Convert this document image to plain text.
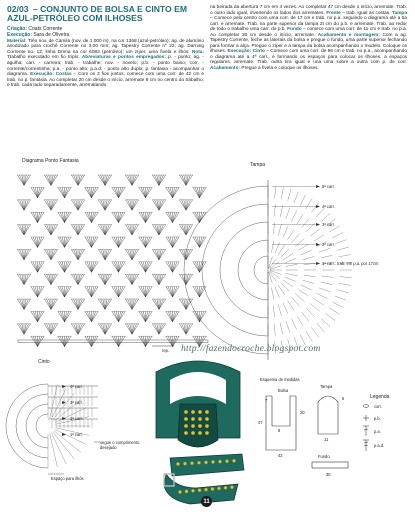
02/03 – CONJUNTO DE BOLSA E CINTO EM AZUL-PETRÓLEO COM ILHOSES
Criação: Coats Corrente
Execução: Sara de Oliveira

Material: Três nov. de Camila (nov. de 1.000 m), na cor 1368 (azul-petróleo); ag. de alumínio anodizado para crochê Corrente no 3,00 mm; ag. Tapestry Corrente nº 22; ag. Darning Corrente no. 12; linha Drima na cor 6083 (petróleo); um zíper, uma fivela e ilhós; Nota: Trabalho executado em fio triplo. Abreviaturas e pontos empregados: p. - ponto; ag. - agulha; carr. - carreira; trab. - trabalhe; nov. - novelo; p.b. - ponto baixo; corr. - corrente/correntinha; p.a. - ponto alto; p.a.d. - ponto alto duplo; p. fantasia - acompanhar o diagrama. Execução: Costas – Com os 3 fios juntos, comece com uma corr. de 42 cm e trab. no p. fantasia. Ao completar 20 cm desde o início, arremate 8 cm no centro do trabalho, e trab. cada lado separadamente, arrematando

na beirada da abertura 7 cm em 4 vezes. Ao completar 47 cm desde o início, arremate. Trab. o outro lado igual, invertendo os lados dos arremates. Frente – trab. igual as costas. Tampa – Comece pelo centro com uma corr. de 17 cm e trab. no p.a. seguindo o diagrama até a 5a carr. e arremate. Trab. na parte superior da tampa 2t cm do p.b. e arremate. Trab. ao redor de todo o trabalho uma carr. do p.b. Fundo – comece com uma corr. de 11 cm e trab. no p.a. Ao completar 30 cm desde o início, arremate. Acabamento e montagem: Com a ag. Tapestry Corrente, feche as laterais da bolsa e pregue o fundo, uma parte superior fechando para formar a alça. Pregue o zíper e a tampa da bolsa acompanhando o modelo. Coloque os ilhoses. Execução: Cinto – Comece com uma corr. de 98 cm e trab. no p.a., acompanhando o diagrama até a 4ª carr., e formando os espaços para colocar os ilhoses, a espaços regulares, arremate. Trab. outra tira igual e una uma sobre a outra com p. de corr. Acabamento: Pregue a fivela e coloque os ilhoses.

Diagrama Ponto Fantasia
rep.
Tampa
5ª carr.
4ª carr.
3ª carr.
2ª carr.
1ª carr.: trab. em p.a. por 17cm
http://fazendocroche.blogspot.com
Cinto
4ª carr.
3ª carr.
2ª carr.
1ª carr.
segue o comprimento
desejado
Espaço para ilhós
Esquema de medidas
Bolsa
Tampa
8
20
47
7
42
6
11
Fundo
30
Legenda
corr.
p.b.
p.a.
p.a.d.
11
